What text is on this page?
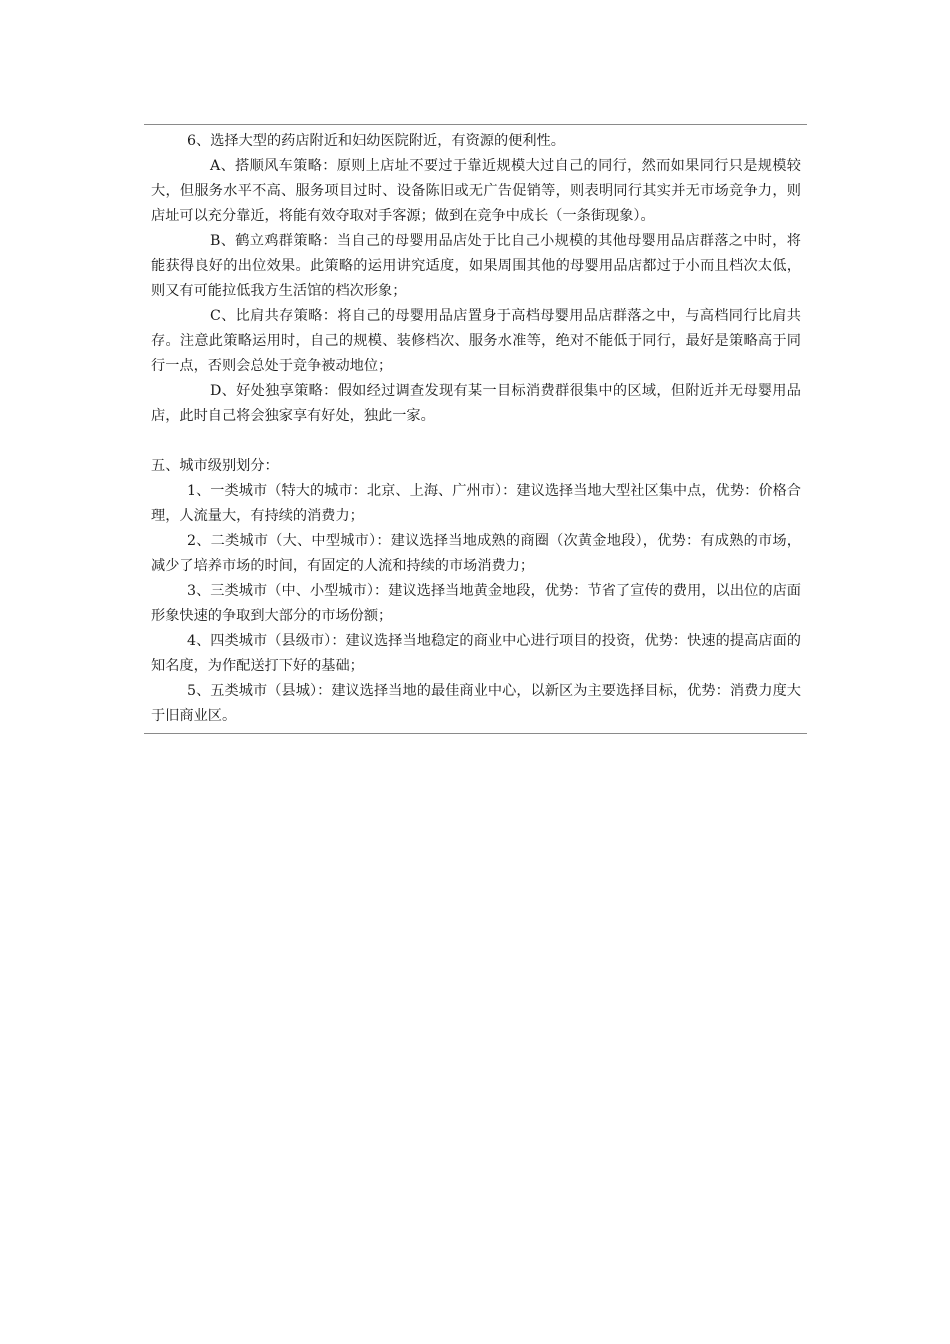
6、选择大型的药店附近和妇幼医院附近，有资源的便利性。

A、搭顺风车策略：原则上店址不要过于靠近规模大过自己的同行，然而如果同行只是规模较大，但服务水平不高、服务项目过时、设备陈旧或无广告促销等，则表明同行其实并无市场竞争力，则店址可以充分靠近，将能有效夺取对手客源；做到在竞争中成长（一条街现象）。

B、鹤立鸡群策略：当自己的母婴用品店处于比自己小规模的其他母婴用品店群落之中时，将能获得良好的出位效果。此策略的运用讲究适度，如果周围其他的母婴用品店都过于小而且档次太低，则又有可能拉低我方生活馆的档次形象；

C、比肩共存策略：将自己的母婴用品店置身于高档母婴用品店群落之中，与高档同行比肩共存。注意此策略运用时，自己的规模、装修档次、服务水准等，绝对不能低于同行，最好是策略高于同行一点，否则会总处于竞争被动地位；

D、好处独享策略：假如经过调查发现有某一目标消费群很集中的区域，但附近并无母婴用品店，此时自己将会独家享有好处，独此一家。

五、城市级别划分：

1、一类城市（特大的城市：北京、上海、广州市）：建议选择当地大型社区集中点，优势：价格合理，人流量大，有持续的消费力；

2、二类城市（大、中型城市）：建议选择当地成熟的商圈（次黄金地段），优势：有成熟的市场，减少了培养市场的时间，有固定的人流和持续的市场消费力；

3、三类城市（中、小型城市）：建议选择当地黄金地段，优势：节省了宣传的费用，以出位的店面形象快速的争取到大部分的市场份额；

4、四类城市（县级市）：建议选择当地稳定的商业中心进行项目的投资，优势：快速的提高店面的知名度，为作配送打下好的基础；

5、五类城市（县城）：建议选择当地的最佳商业中心，以新区为主要选择目标，优势：消费力度大于旧商业区。
